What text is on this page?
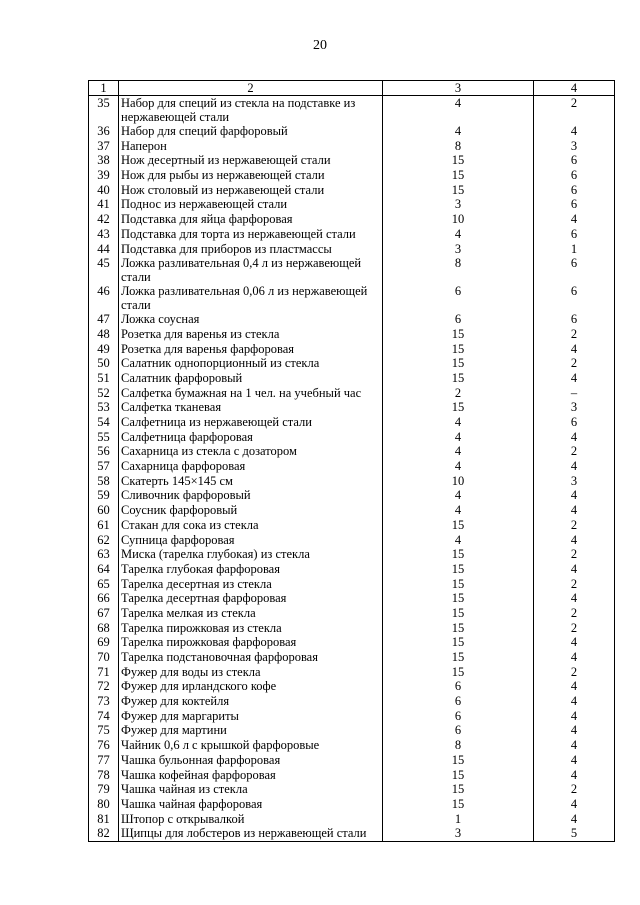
20
1	2	3	4
35	Набор для специй из стекла на подставке из нержавеющей стали	4	2
36	Набор для специй фарфоровый	4	4
37	Наперон	8	3
38	Нож десертный из нержавеющей стали	15	6
39	Нож для рыбы из нержавеющей стали	15	6
40	Нож столовый из нержавеющей стали	15	6
41	Поднос из нержавеющей стали	3	6
42	Подставка для яйца фарфоровая	10	4
43	Подставка для торта из нержавеющей стали	4	6
44	Подставка для приборов из пластмассы	3	1
45	Ложка разливательная 0,4 л из нержавеющей стали	8	6
46	Ложка разливательная 0,06 л из нержавеющей стали	6	6
47	Ложка соусная	6	6
48	Розетка для варенья из стекла	15	2
49	Розетка для варенья фарфоровая	15	4
50	Салатник однопорционный из стекла	15	2
51	Салатник фарфоровый	15	4
52	Салфетка бумажная на 1 чел. на учебный час	2	–
53	Салфетка тканевая	15	3
54	Салфетница из нержавеющей стали	4	6
55	Салфетница фарфоровая	4	4
56	Сахарница из стекла с дозатором	4	2
57	Сахарница фарфоровая	4	4
58	Скатерть 145×145 см	10	3
59	Сливочник фарфоровый	4	4
60	Соусник фарфоровый	4	4
61	Стакан для сока из стекла	15	2
62	Супница фарфоровая	4	4
63	Миска (тарелка глубокая) из стекла	15	2
64	Тарелка глубокая фарфоровая	15	4
65	Тарелка десертная из стекла	15	2
66	Тарелка десертная фарфоровая	15	4
67	Тарелка мелкая из стекла	15	2
68	Тарелка пирожковая из стекла	15	2
69	Тарелка пирожковая фарфоровая	15	4
70	Тарелка подстановочная фарфоровая	15	4
71	Фужер для воды из стекла	15	2
72	Фужер для ирландского кофе	6	4
73	Фужер для коктейля	6	4
74	Фужер для маргариты	6	4
75	Фужер для мартини	6	4
76	Чайник 0,6 л с крышкой фарфоровые	8	4
77	Чашка бульонная фарфоровая	15	4
78	Чашка кофейная фарфоровая	15	4
79	Чашка чайная из стекла	15	2
80	Чашка чайная фарфоровая	15	4
81	Штопор с открывалкой	1	4
82	Щипцы для лобстеров из нержавеющей стали	3	5
